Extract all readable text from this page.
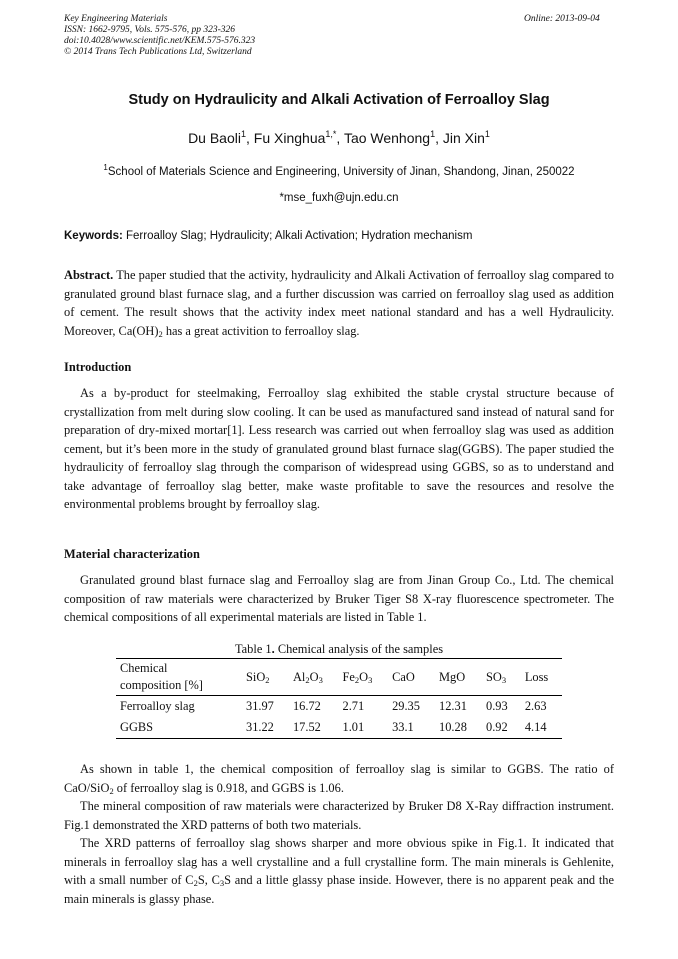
Key Engineering Materials
ISSN: 1662-9795, Vols. 575-576, pp 323-326
doi:10.4028/www.scientific.net/KEM.575-576.323
© 2014 Trans Tech Publications Ltd, Switzerland
Online: 2013-09-04
Study on Hydraulicity and Alkali Activation of Ferroalloy Slag
Du Baoli$^1$, Fu Xinghua$^{1,*}$, Tao Wenhong$^1$, Jin Xin$^1$
$^1$School of Materials Science and Engineering, University of Jinan, Shandong, Jinan, 250022
*mse_fuxh@ujn.edu.cn
Keywords: Ferroalloy Slag; Hydraulicity; Alkali Activation; Hydration mechanism

Abstract. The paper studied that the activity, hydraulicity and Alkali Activation of ferroalloy slag compared to granulated ground blast furnace slag, and a further discussion was carried on ferroalloy slag used as addition of cement. The result shows that the activity index meet national standard and has a well Hydraulicity. Moreover, $Ca(OH)_2$ has a great activition to ferroalloy slag.

Introduction

As a by-product for steelmaking, Ferroalloy slag exhibited the stable crystal structure because of crystallization from melt during slow cooling. It can be used as manufactured sand instead of natural sand for preparation of dry-mixed mortar[1]. Less research was carried out when ferroalloy slag was used as addition cement, but it’s been more in the study of granulated ground blast furnace slag(GGBS). The paper studied the hydraulicity of ferroalloy slag through the comparison of widespread using GGBS, so as to understand and take advantage of ferroalloy slag better, make waste profitable to save the resources and resolve the environmental problems brought by ferroalloy slag.

Material characterization

Granulated ground blast furnace slag and Ferroalloy slag are from Jinan Group Co., Ltd. The chemical composition of raw materials were characterized by Bruker Tiger S8 X-ray fluorescence spectrometer. The chemical compositions of all experimental materials are listed in Table 1.

Table 1. Chemical analysis of the samples
Chemical
composition [%]	SiO$_2$	$Al_2O_3$	$Fe_2O_3$	CaO	MgO	$SO_3$	Loss
Ferroalloy slag	31.97	16.72	2.71	29.35	12.31	0.93	2.63
GGBS	31.22	17.52	1.01	33.1	10.28	0.92	4.14

As shown in table 1, the chemical composition of ferroalloy slag is similar to GGBS. The ratio of CaO/SiO$_2$ of ferroalloy slag is 0.918, and GGBS is 1.06.

The mineral composition of raw materials were characterized by Bruker D8 X-Ray diffraction instrument. Fig.1 demonstrated the XRD patterns of both two materials.

The XRD patterns of ferroalloy slag shows sharper and more obvious spike in Fig.1. It indicated that minerals in ferroalloy slag has a well crystalline and a full crystalline form. The main minerals is Gehlenite, with a small number of $C_2S$, $C_3S$ and a little glassy phase inside. However, there is no apparent peak and the main minerals is glassy phase.
